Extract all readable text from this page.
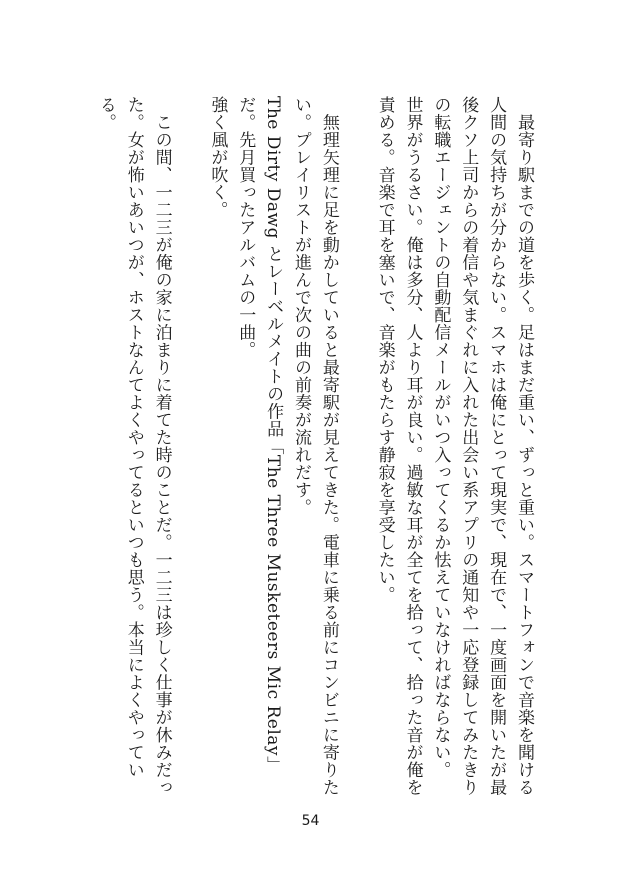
　最寄り駅までの道を歩く。足はまだ重い、ずっと重い。スマートフォンで音楽を聞ける人間の気持ちが分からない。スマホは俺にとって現実で、現在で、一度画面を開いたが最後クソ上司からの着信や気まぐれに入れた出会い系アプリの通知や一応登録してみたきりの転職エージェントの自動配信メールがいつ入ってくるか怯えていなければならない。

世界がうるさい。俺は多分、人より耳が良い。過敏な耳が全てを拾って、拾った音が俺を責める。音楽で耳を塞いで、音楽がもたらす静寂を享受したい。

　無理矢理に足を動かしていると最寄駅が見えてきた。電車に乗る前にコンビニに寄りたい。プレイリストが進んで次の曲の前奏が流れだす。

The Dirty Dawg とレーベルメイトの作品「The Three Musketeers Mic Relay」だ。先月買ったアルバムの一曲。

強く風が吹く。

　この間、一二三が俺の家に泊まりに着てた時のことだ。一二三は珍しく仕事が休みだった。女が怖いあいつが、ホストなんてよくやってるといつも思う。本当によくやっている。

54
